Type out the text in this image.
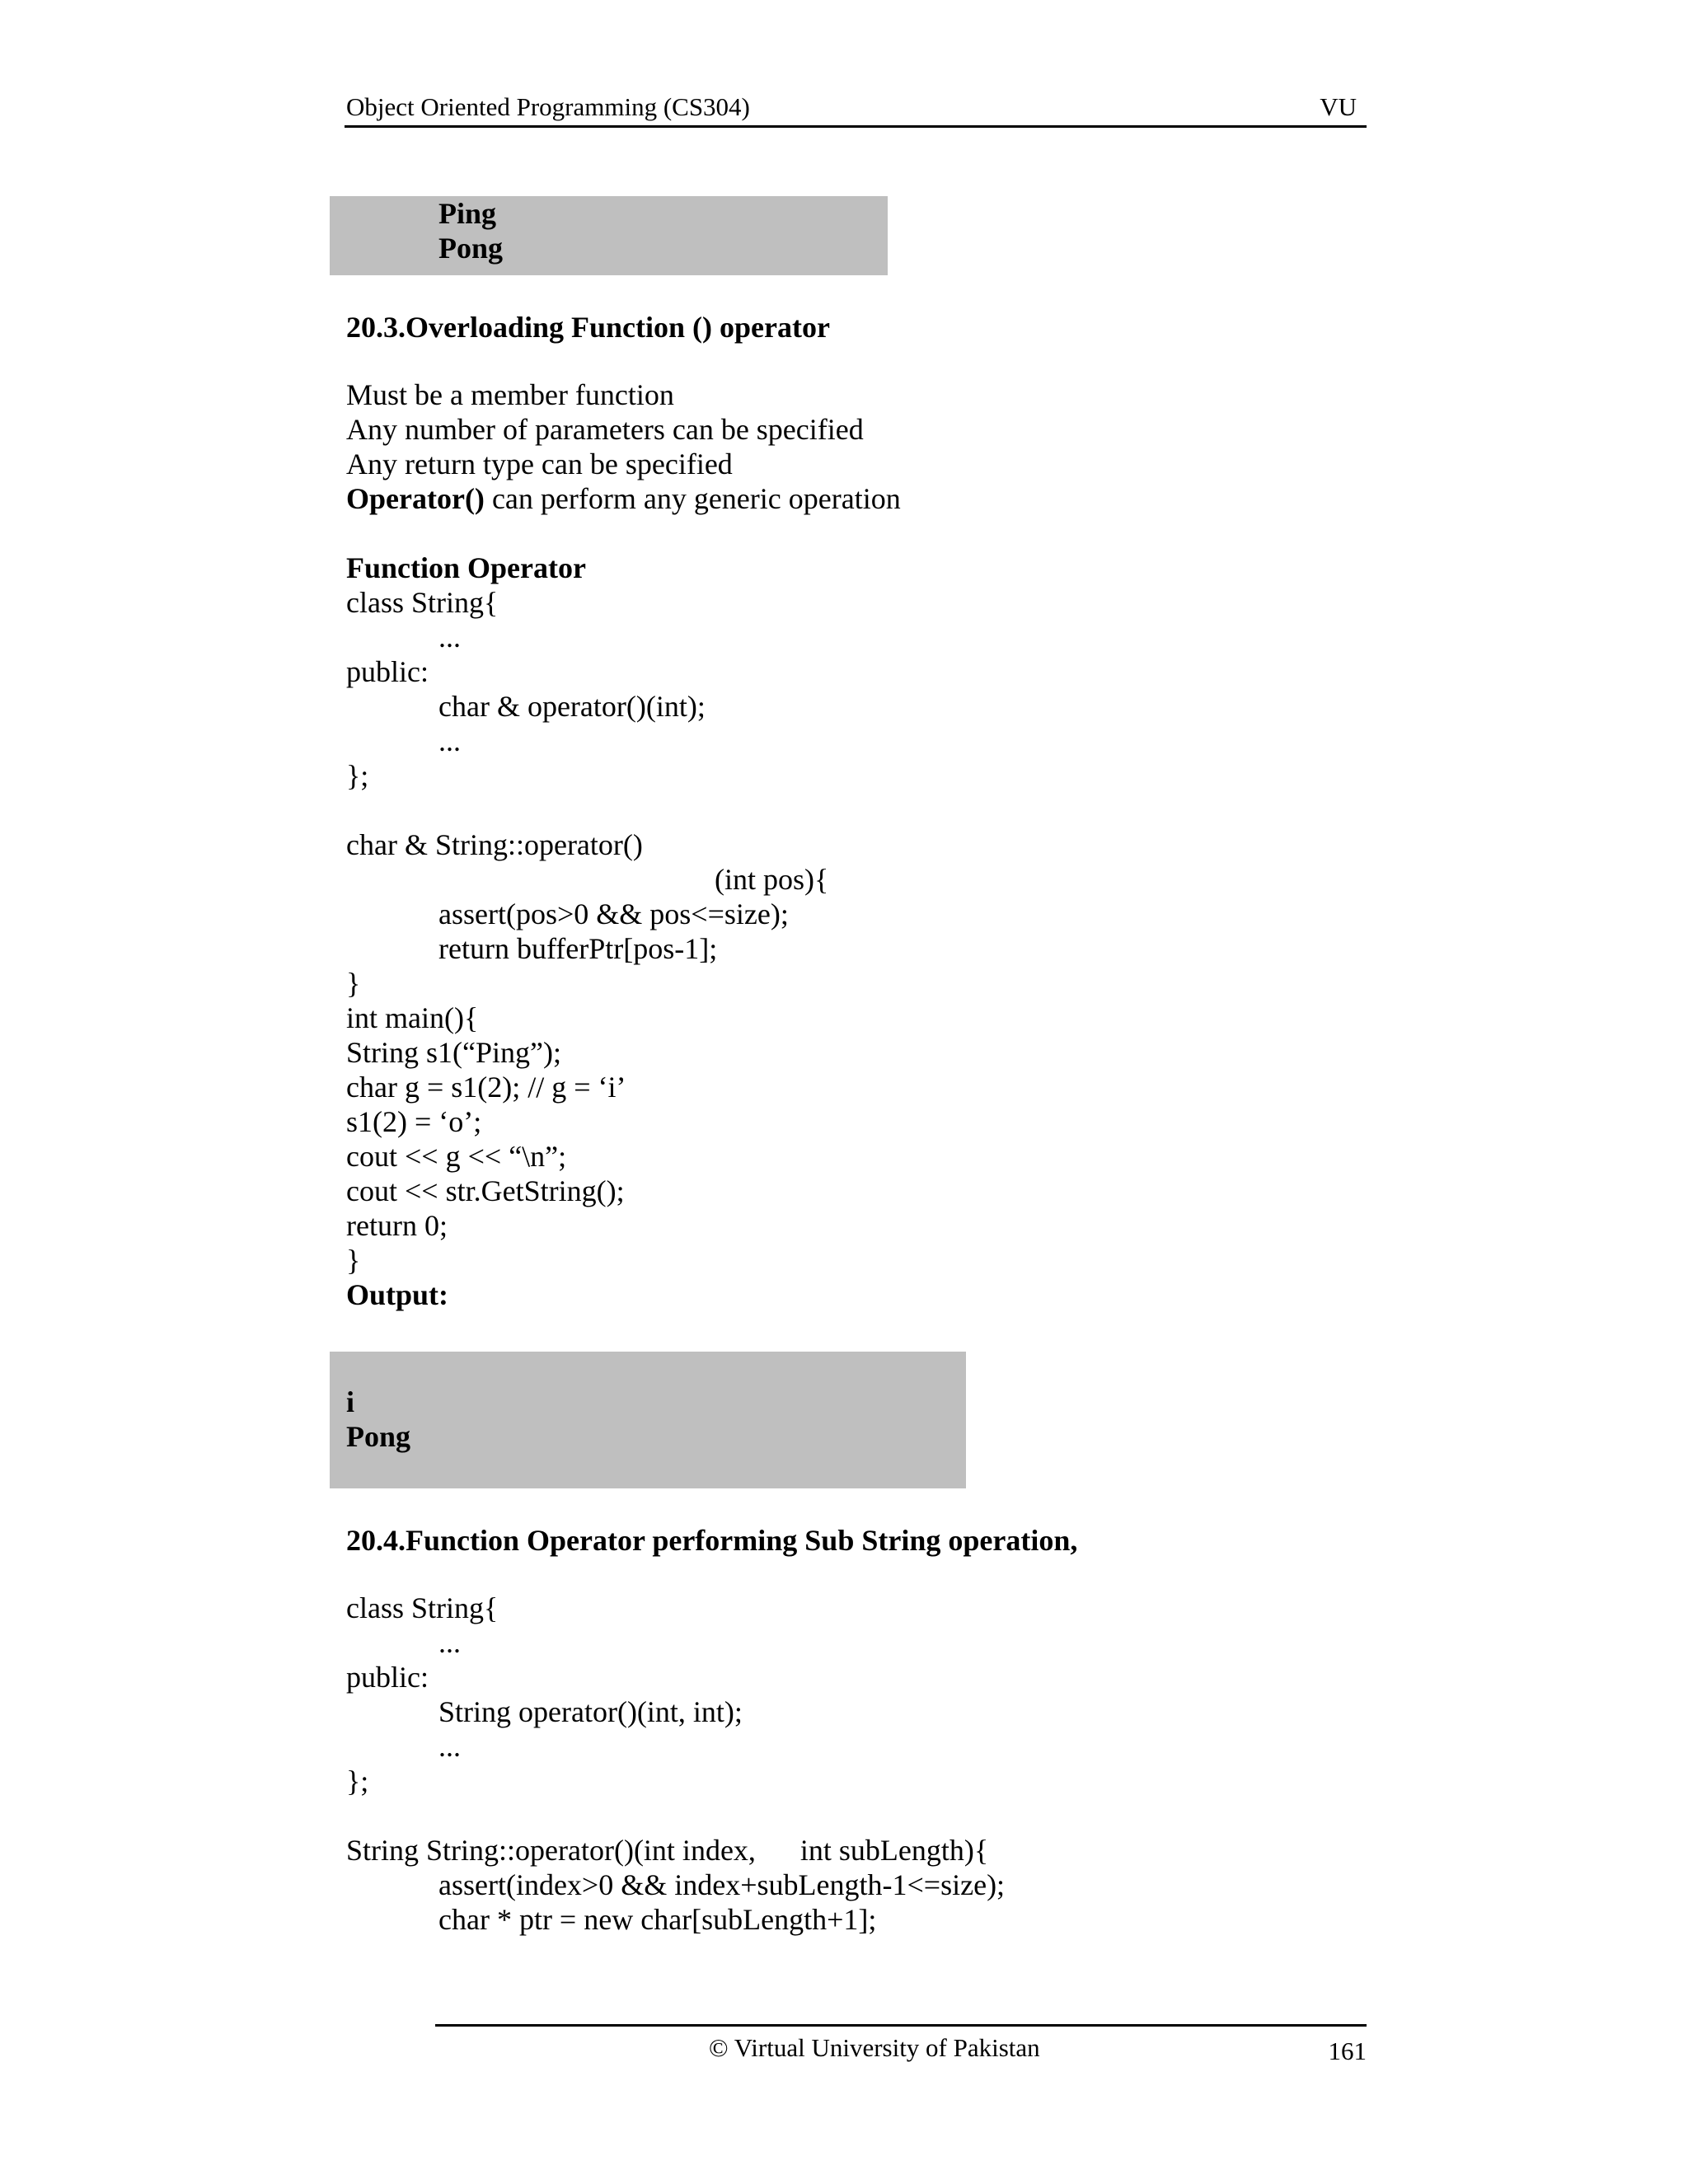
Object Oriented Programming (CS304)	VU
Ping
Pong
20.3.Overloading Function () operator
Must be a member function
Any number of parameters can be specified
Any return type can be specified
Operator() can perform any generic operation
Function Operator
class String{
...
public:
char & operator()(int);
...
};
char & String::operator()
(int pos){
assert(pos>0 && pos<=size);
return bufferPtr[pos-1];
}
int main(){
String s1(“Ping”);
char g = s1(2); // g = ‘i’
s1(2) = ‘o’;
cout << g << “\n”;
cout << str.GetString();
return 0;
}
Output:
20.4.Function Operator performing Sub String operation,
class String{
...
public:
String operator()(int, int);
...
};
String String::operator()(int index,      int subLength){
assert(index>0 && index+subLength-1<=size);
char * ptr = new char[subLength+1];
i
Pong
© Virtual University of Pakistan	161
